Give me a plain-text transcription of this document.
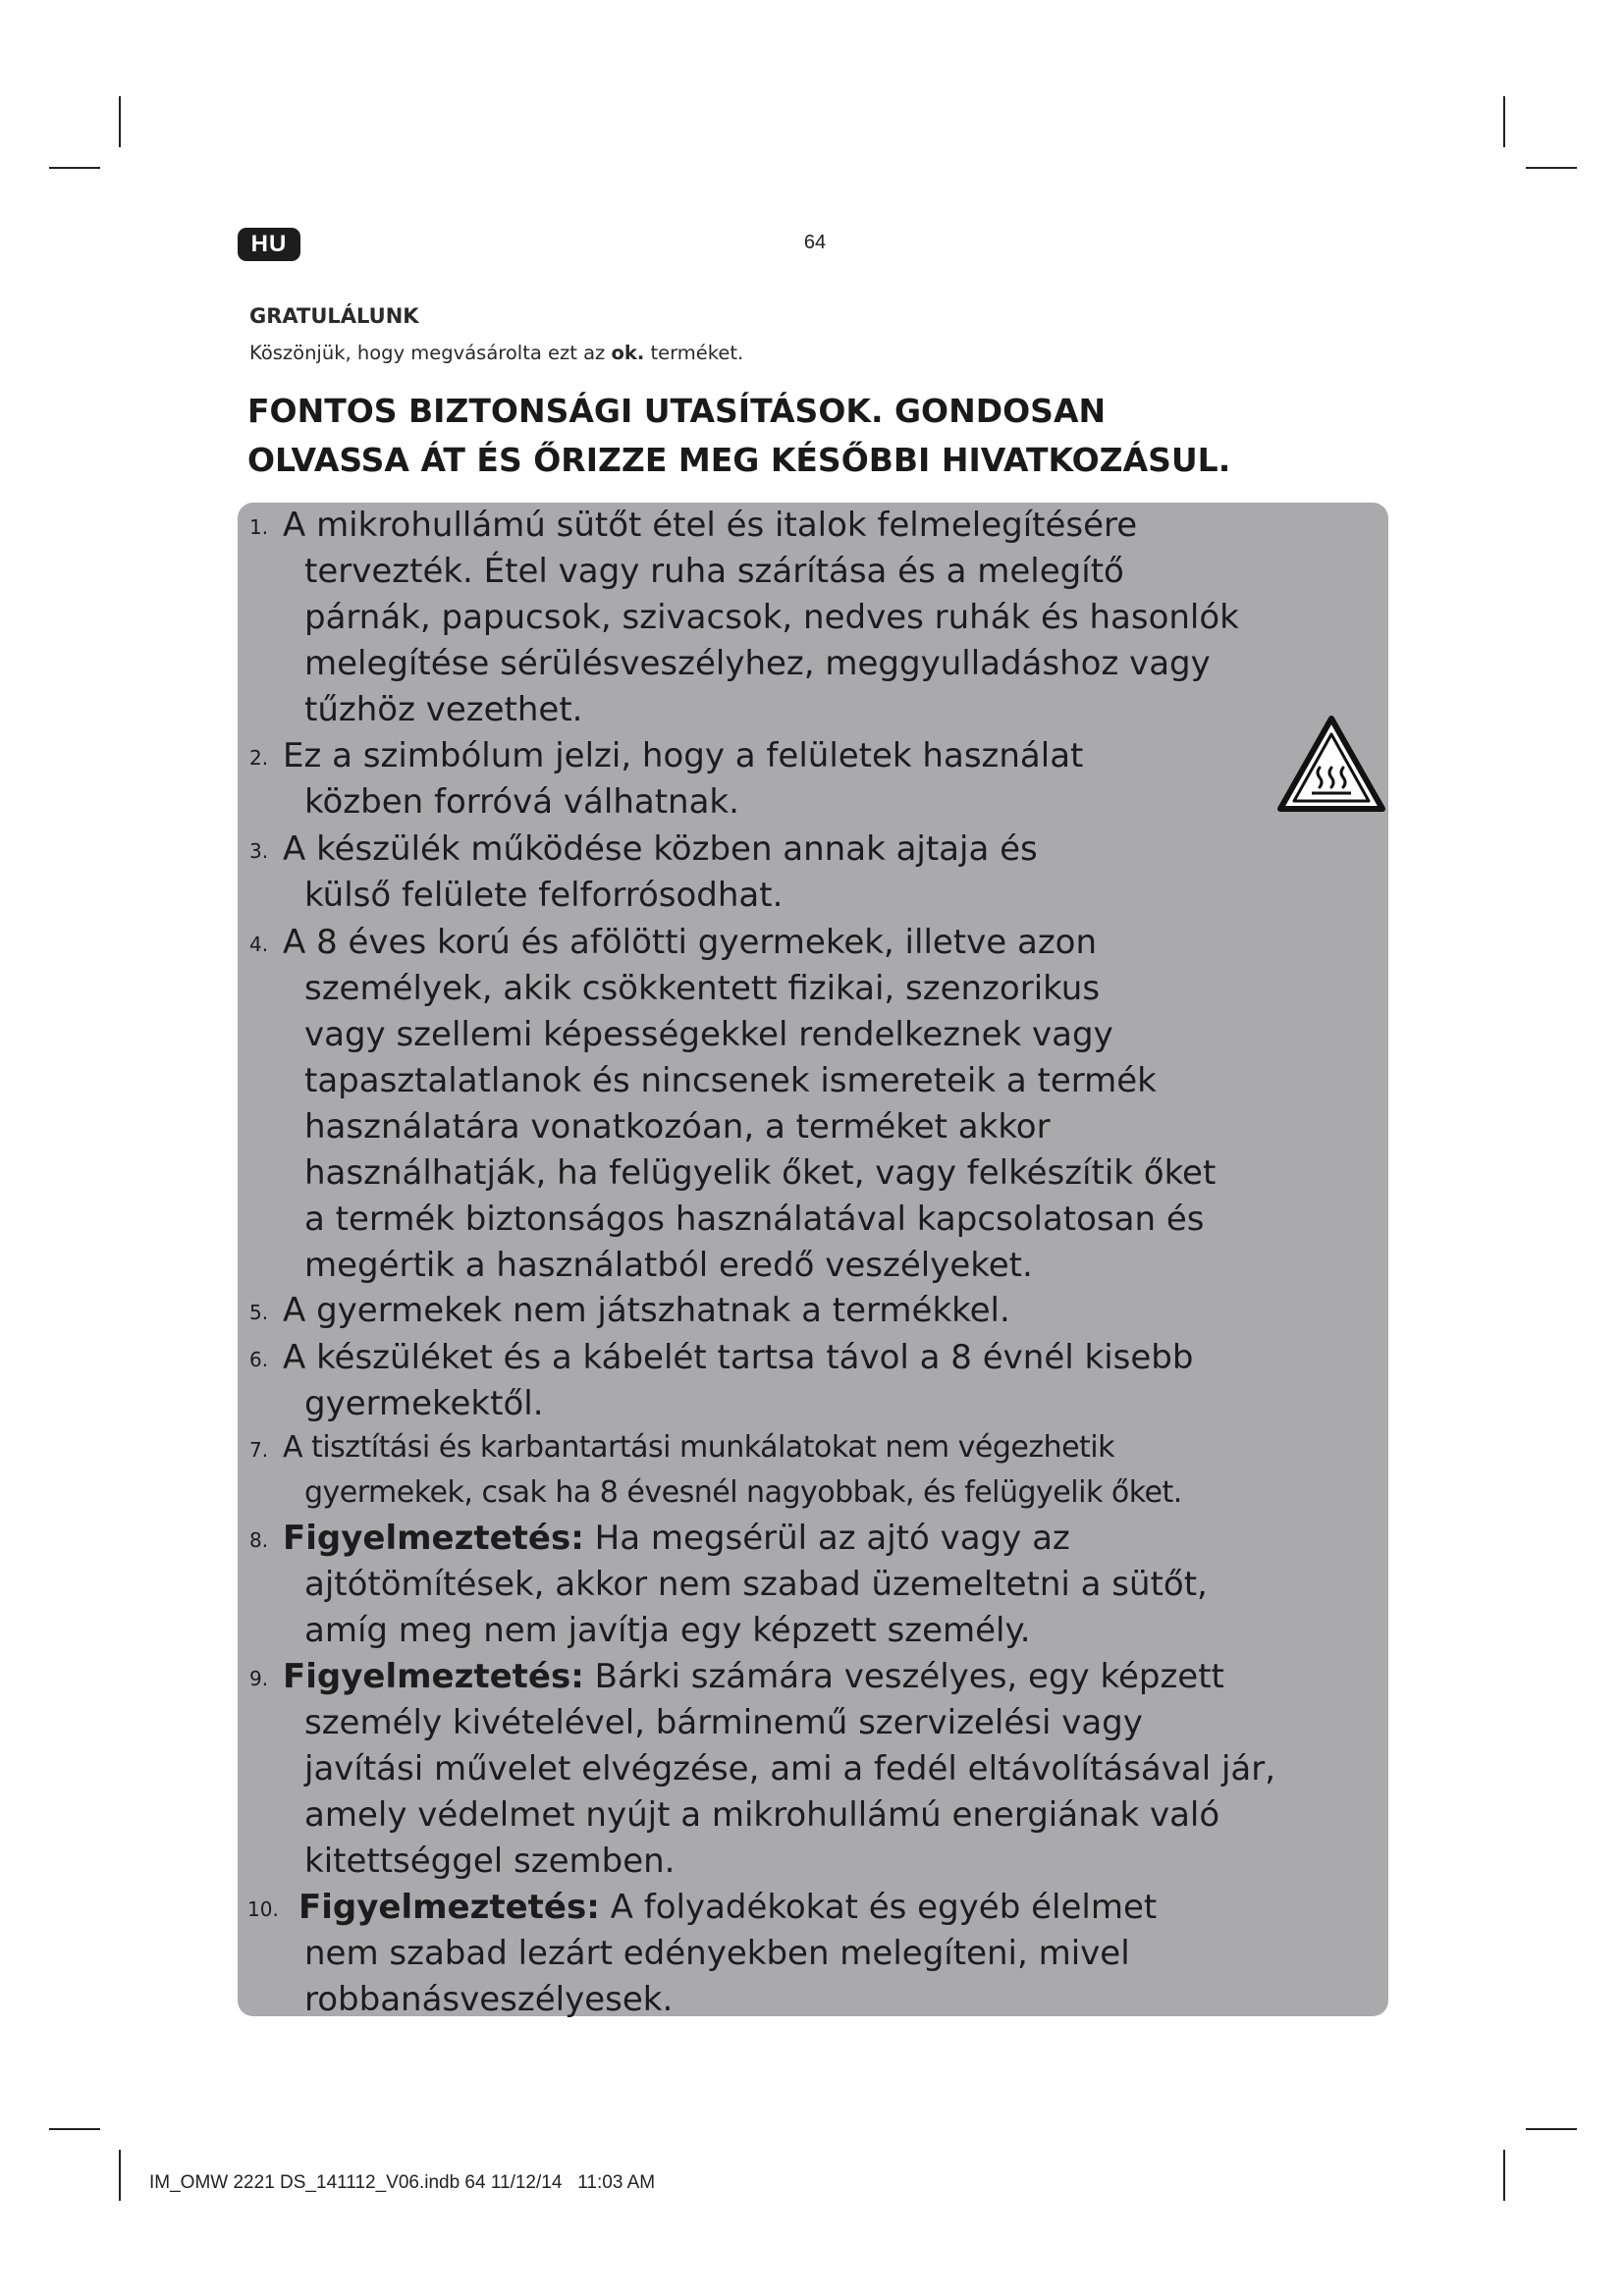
HU	64
GRATULÁLUNK
Köszönjük, hogy megvásárolta ezt az ok. terméket.
FONTOS BIZTONSÁGI UTASÍTÁSOK. GONDOSAN
OLVASSA ÁT ÉS ŐRIZZE MEG KÉSŐBBI HIVATKOZÁSUL.
1. A mikrohullámú sütőt étel és italok felmelegítésére
tervezték. Étel vagy ruha szárítása és a melegítő
párnák, papucsok, szivacsok, nedves ruhák és hasonlók
melegítése sérülésveszélyhez, meggyulladáshoz vagy
tűzhöz vezethet.
2. Ez a szimbólum jelzi, hogy a felületek használat
közben forróvá válhatnak.
3. A készülék működése közben annak ajtaja és
külső felülete felforrósodhat.
4. A 8 éves korú és afölötti gyermekek, illetve azon
személyek, akik csökkentett fizikai, szenzorikus
vagy szellemi képességekkel rendelkeznek vagy
tapasztalatlanok és nincsenek ismereteik a termék
használatára vonatkozóan, a terméket akkor
használhatják, ha felügyelik őket, vagy felkészítik őket
a termék biztonságos használatával kapcsolatosan és
megértik a használatból eredő veszélyeket.
5. A gyermekek nem játszhatnak a termékkel.
6. A készüléket és a kábelét tartsa távol a 8 évnél kisebb
gyermekektől.
7. A tisztítási és karbantartási munkálatokat nem végezhetik
gyermekek, csak ha 8 évesnél nagyobbak, és felügyelik őket.
8. Figyelmeztetés: Ha megsérül az ajtó vagy az
ajtótömítések, akkor nem szabad üzemeltetni a sütőt,
amíg meg nem javítja egy képzett személy.
9. Figyelmeztetés: Bárki számára veszélyes, egy képzett
személy kivételével, bárminemű szervizelési vagy
javítási művelet elvégzése, ami a fedél eltávolításával jár,
amely védelmet nyújt a mikrohullámú energiának való
kitettséggel szemben.
10. Figyelmeztetés: A folyadékokat és egyéb élelmet
nem szabad lezárt edényekben melegíteni, mivel
robbanásveszélyesek.
IM_OMW 2221 DS_141112_V06.indb 64 11/12/14 11:03 AM
